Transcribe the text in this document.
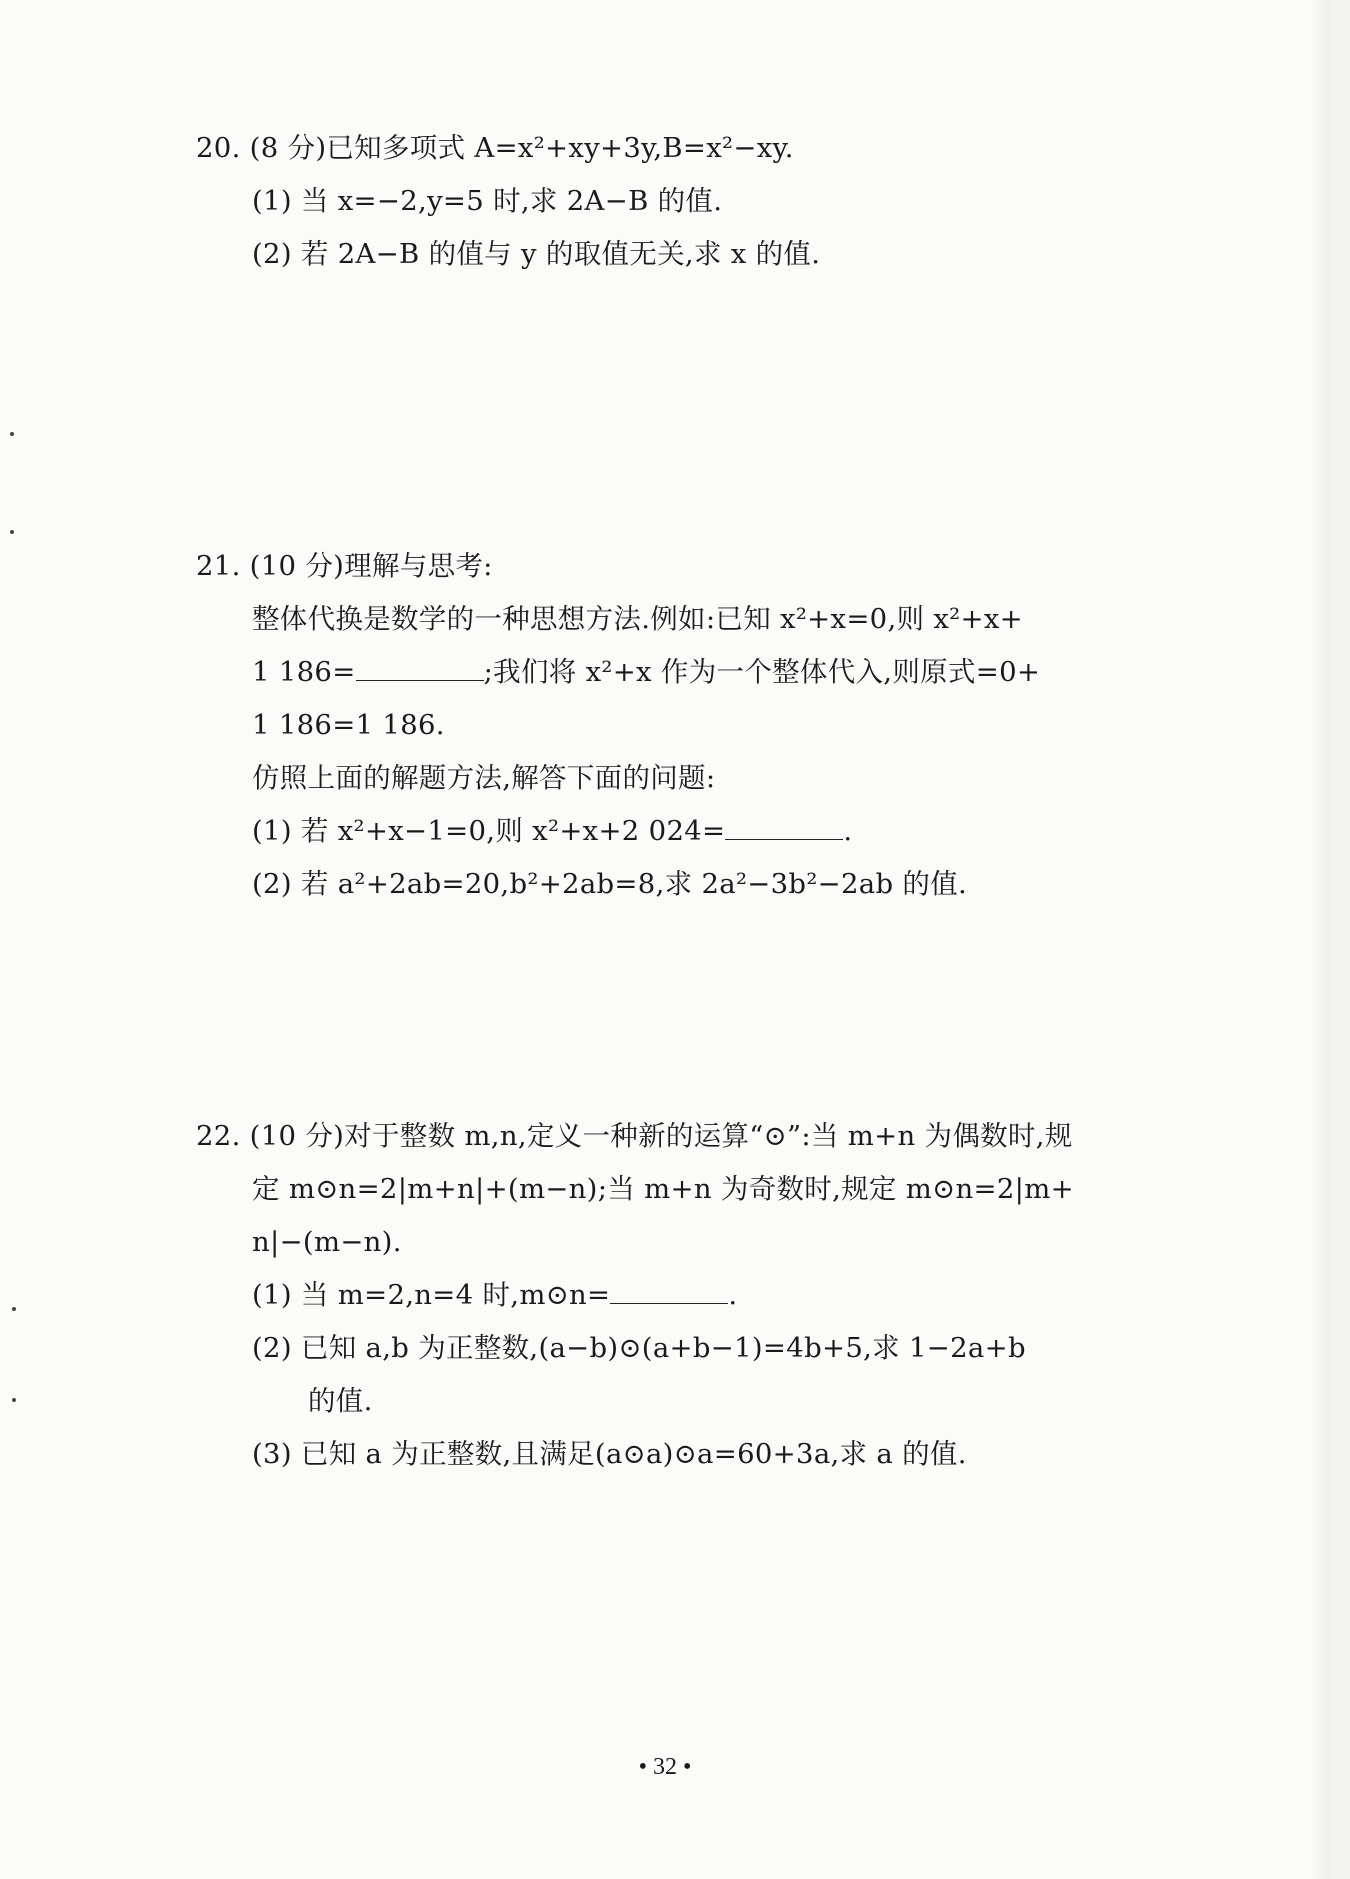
20. (8 分)已知多项式 A=x²+xy+3y,B=x²−xy.
(1) 当 x=−2,y=5 时,求 2A−B 的值.
(2) 若 2A−B 的值与 y 的取值无关,求 x 的值.
21. (10 分)理解与思考:
整体代换是数学的一种思想方法.例如:已知 x²+x=0,则 x²+x+
1 186=	;我们将 x²+x 作为一个整体代入,则原式=0+
1 186=1 186.
仿照上面的解题方法,解答下面的问题:
(1) 若 x²+x−1=0,则 x²+x+2 024=	.
(2) 若 a²+2ab=20,b²+2ab=8,求 2a²−3b²−2ab 的值.
22. (10 分)对于整数 m,n,定义一种新的运算“⊙”:当 m+n 为偶数时,规
定 m⊙n=2|m+n|+(m−n);当 m+n 为奇数时,规定 m⊙n=2|m+
n|−(m−n).
(1) 当 m=2,n=4 时,m⊙n=	.
(2) 已知 a,b 为正整数,(a−b)⊙(a+b−1)=4b+5,求 1−2a+b
的值.
(3) 已知 a 为正整数,且满足(a⊙a)⊙a=60+3a,求 a 的值.
• 32 •
